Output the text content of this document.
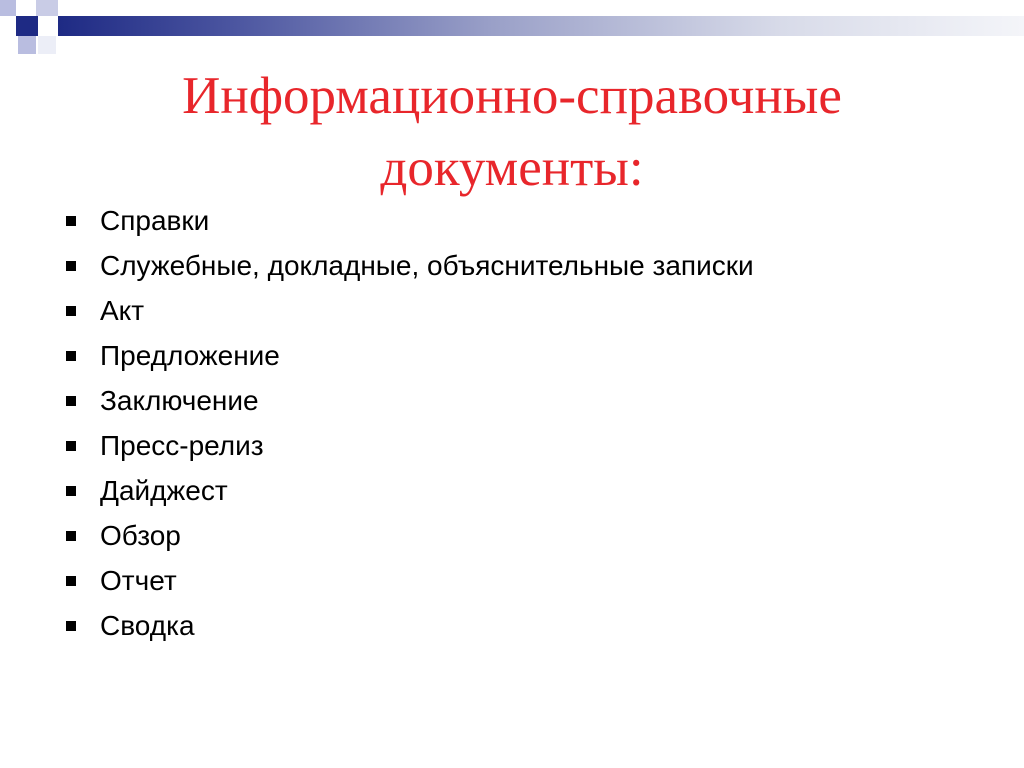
Информационно-справочные
документы:
Справки
Служебные, докладные, объяснительные записки
Акт
Предложение
Заключение
Пресс-релиз
Дайджест
Обзор
Отчет
Сводка
